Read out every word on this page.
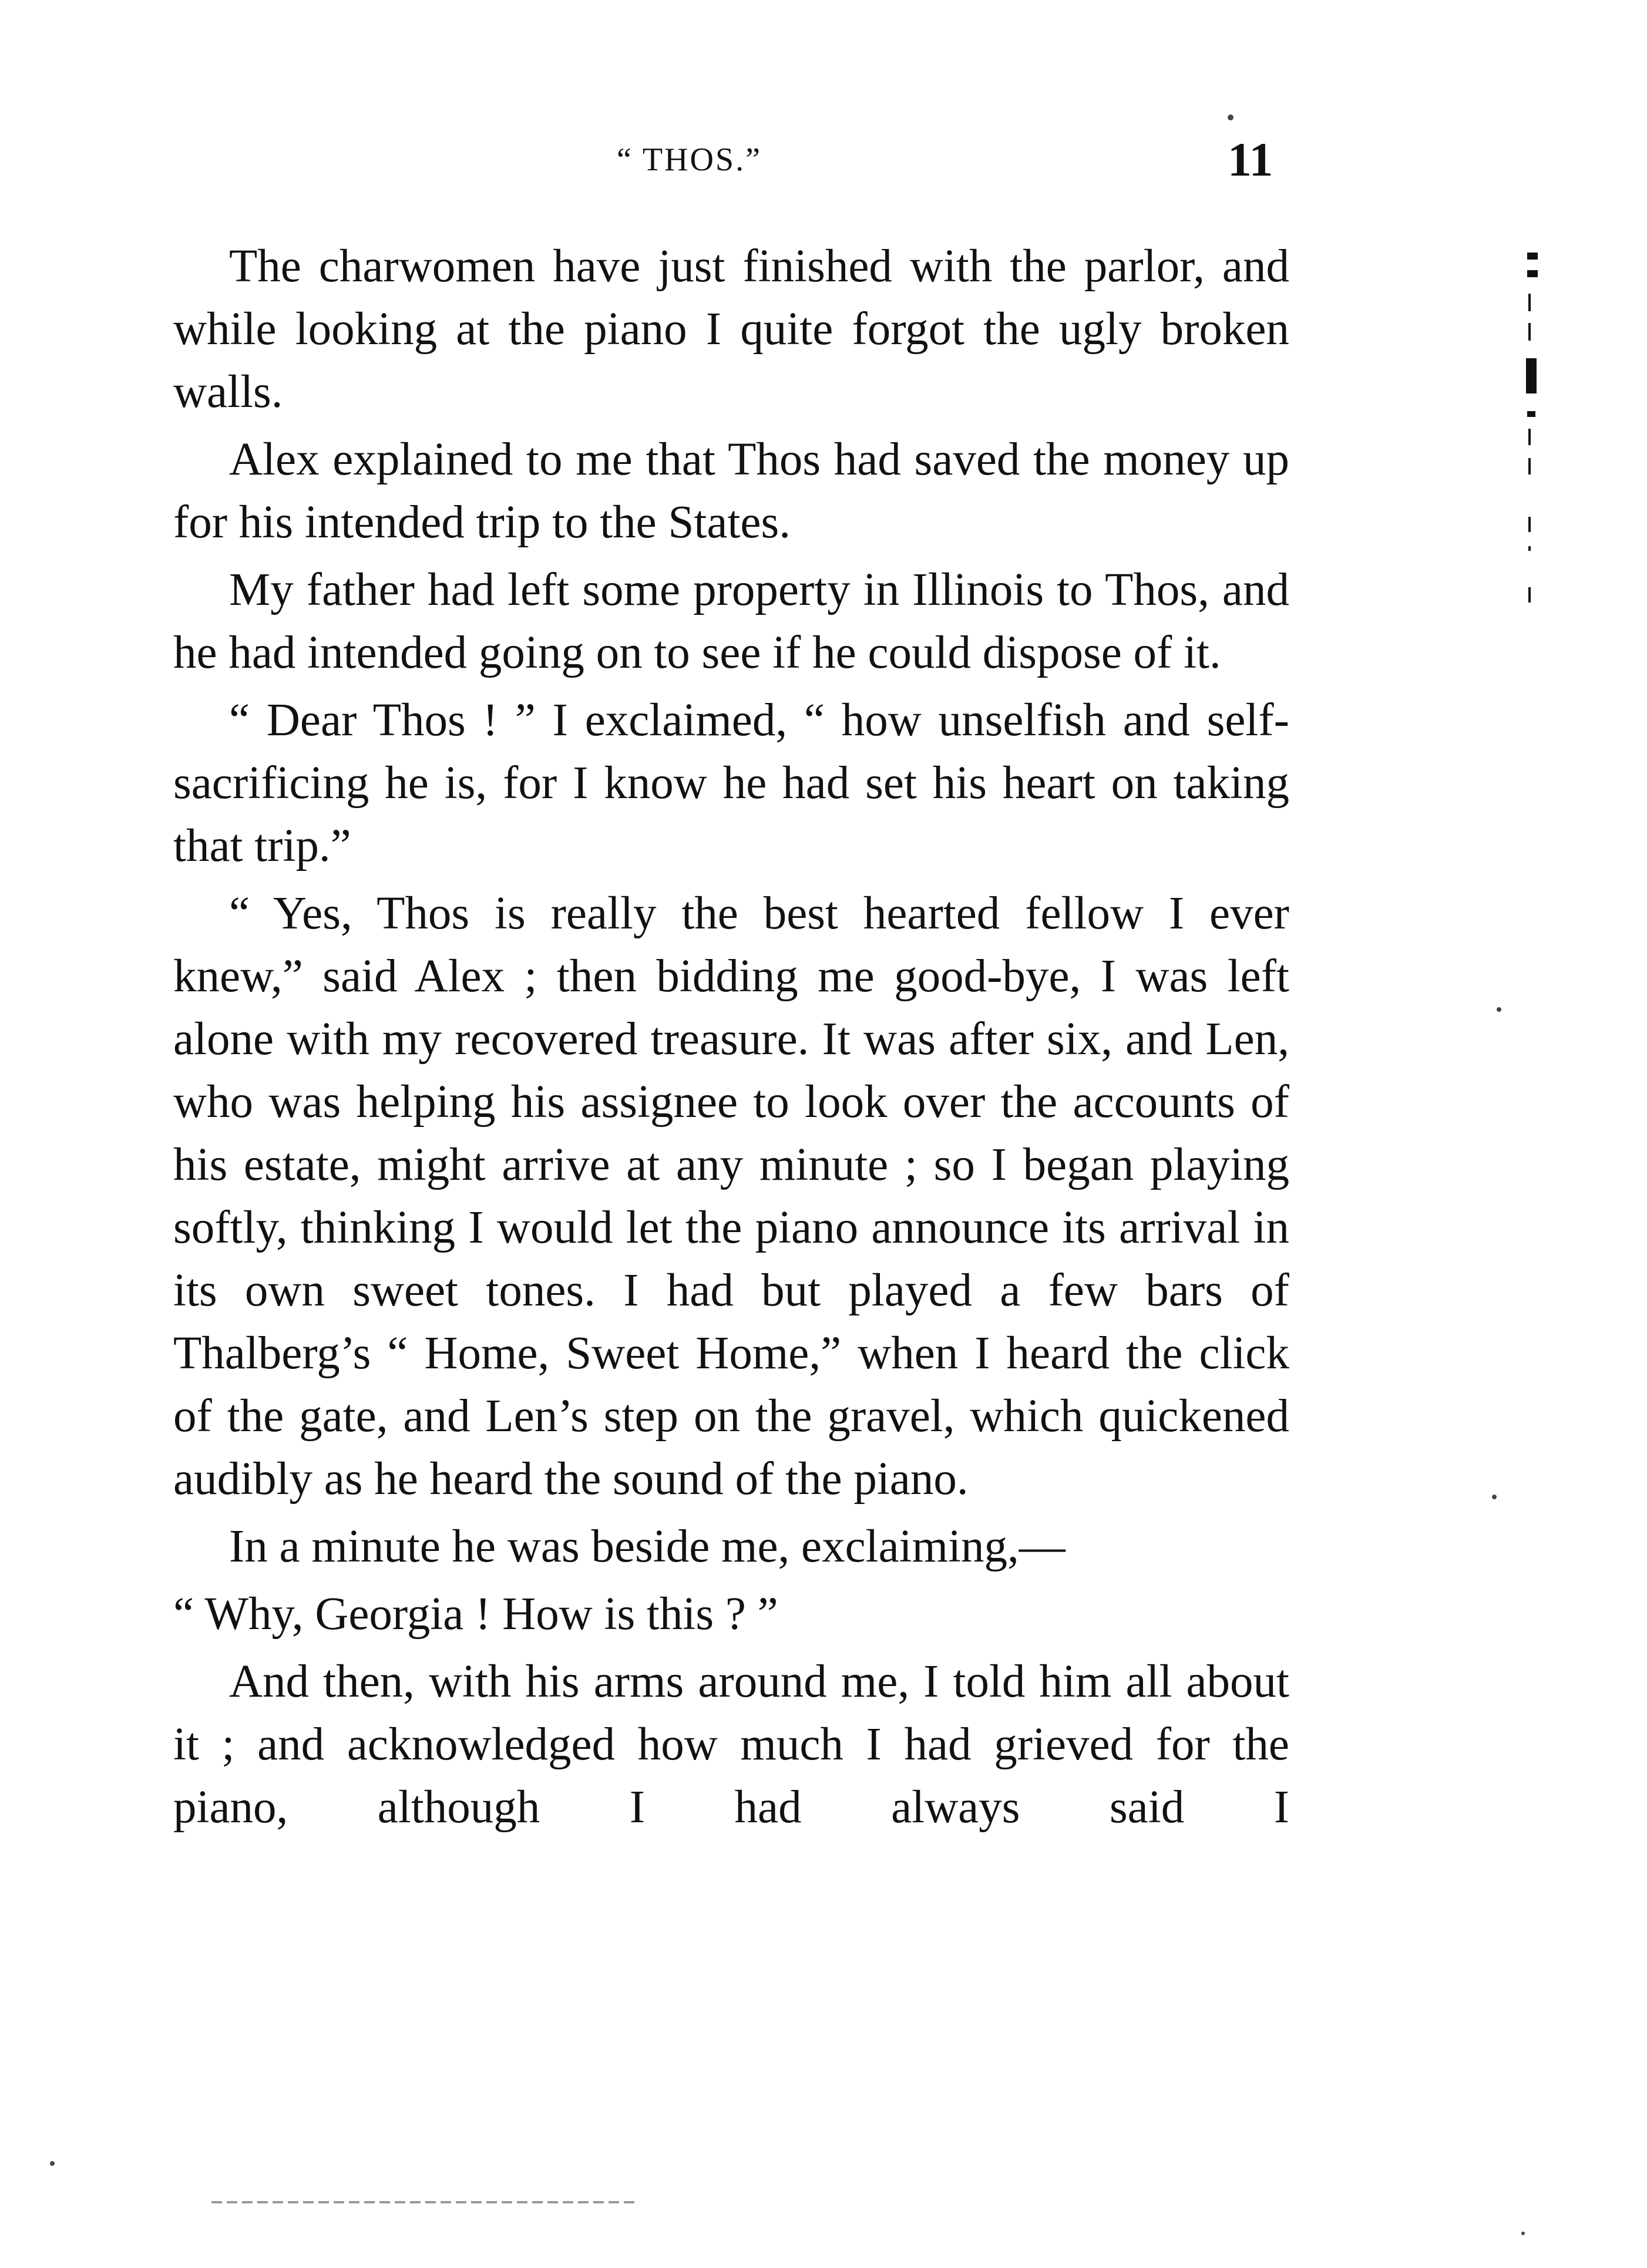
“ THOS.”	11

The charwomen have just finished with the parlor, and while looking at the piano I quite forgot the ugly broken walls.

Alex explained to me that Thos had saved the money up for his intended trip to the States.

My father had left some property in Illinois to Thos, and he had intended going on to see if he could dispose of it.

“ Dear Thos ! ” I exclaimed, “ how unselfish and self-sacrificing he is, for I know he had set his heart on taking that trip.”

“ Yes, Thos is really the best hearted fellow I ever knew,” said Alex ; then bidding me good-bye, I was left alone with my recovered treasure. It was after six, and Len, who was helping his assignee to look over the accounts of his estate, might arrive at any minute ; so I began playing softly, thinking I would let the piano announce its arrival in its own sweet tones. I had but played a few bars of Thalberg’s “ Home, Sweet Home,” when I heard the click of the gate, and Len’s step on the gravel, which quickened audibly as he heard the sound of the piano.

In a minute he was beside me, exclaiming,—

“ Why, Georgia ! How is this ? ”

And then, with his arms around me, I told him all about it ; and acknowledged how much I had grieved for the piano, although I had always said I
